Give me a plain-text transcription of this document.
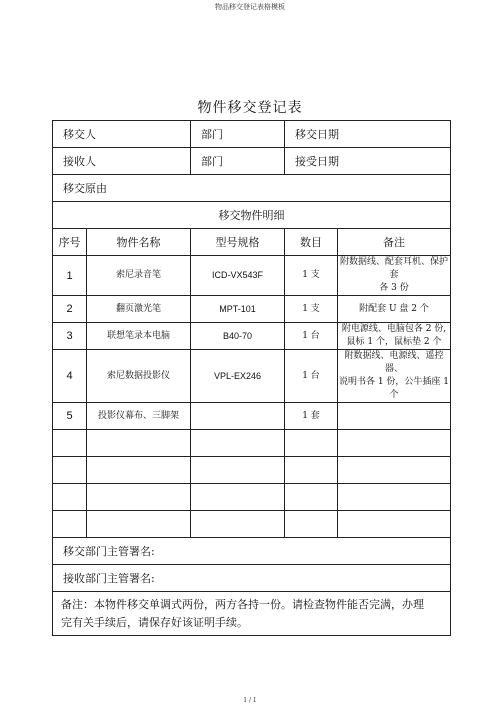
物品移交登记表格模板
物件移交登记表
移交人		部门	移交日期	
接收人		部门	接受日期	
移交原由				
移交物件明细				
序号	物件名称	型号规格	数目	备注
1	索尼录音笔	ICD-VX543F	1 支	附数据线、配套耳机、保护套
各 3 份

2	翻页激光笔	MPT-101	1 支	附配套 U 盘 2 个

3	联想笔录本电脑	B40-70	1 台	附电源线、电脑包各 2 份,
鼠标 1 个，鼠标垫 2 个

4	索尼数据投影仪	VPL-EX246	1 台	附数据线、电源线、遥控器、
说明书各 1 份，公牛插座 1 个

5	投影仪幕布、三脚架		1 套	

移交部门主管署名:				
接收部门主管署名:				

备注：本物件移交单调式两份，两方各持一份。请检查物件能否完满，办理
完有关手续后，请保存好该证明手续。				
1 / 1
